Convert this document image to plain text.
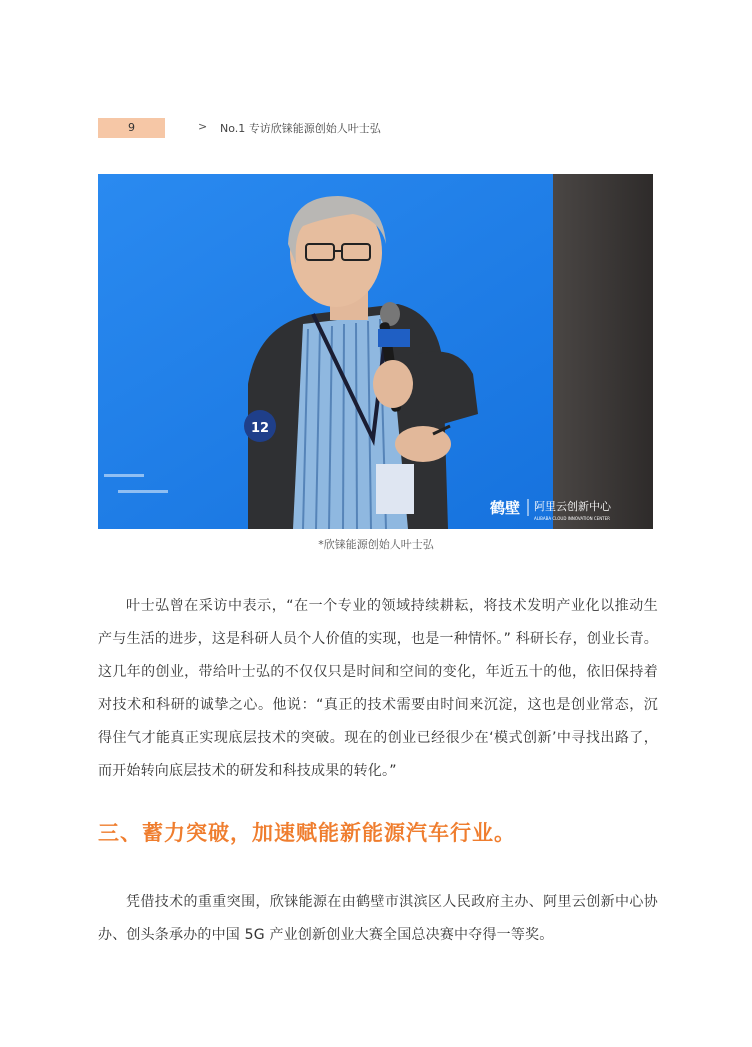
9	> No.1 专访欣铼能源创始人叶士弘
12
鹤壁 阿里云创新中心
ALIBABA CLOUD INNOVATION CENTER
*欣铼能源创始人叶士弘

叶士弘曾在采访中表示，“在一个专业的领域持续耕耘，将技术发明产业化以推动生产与生活的进步，这是科研人员个人价值的实现，也是一种情怀。” 科研长存，创业长青。这几年的创业，带给叶士弘的不仅仅只是时间和空间的变化，年近五十的他，依旧保持着对技术和科研的诚挚之心。他说：“真正的技术需要由时间来沉淀，这也是创业常态，沉得住气才能真正实现底层技术的突破。现在的创业已经很少在‘模式创新’中寻找出路了，而开始转向底层技术的研发和科技成果的转化。”

三、蓄力突破，加速赋能新能源汽车行业。

凭借技术的重重突围，欣铼能源在由鹤壁市淇滨区人民政府主办、阿里云创新中心协办、创头条承办的中国 5G 产业创新创业大赛全国总决赛中夺得一等奖。
